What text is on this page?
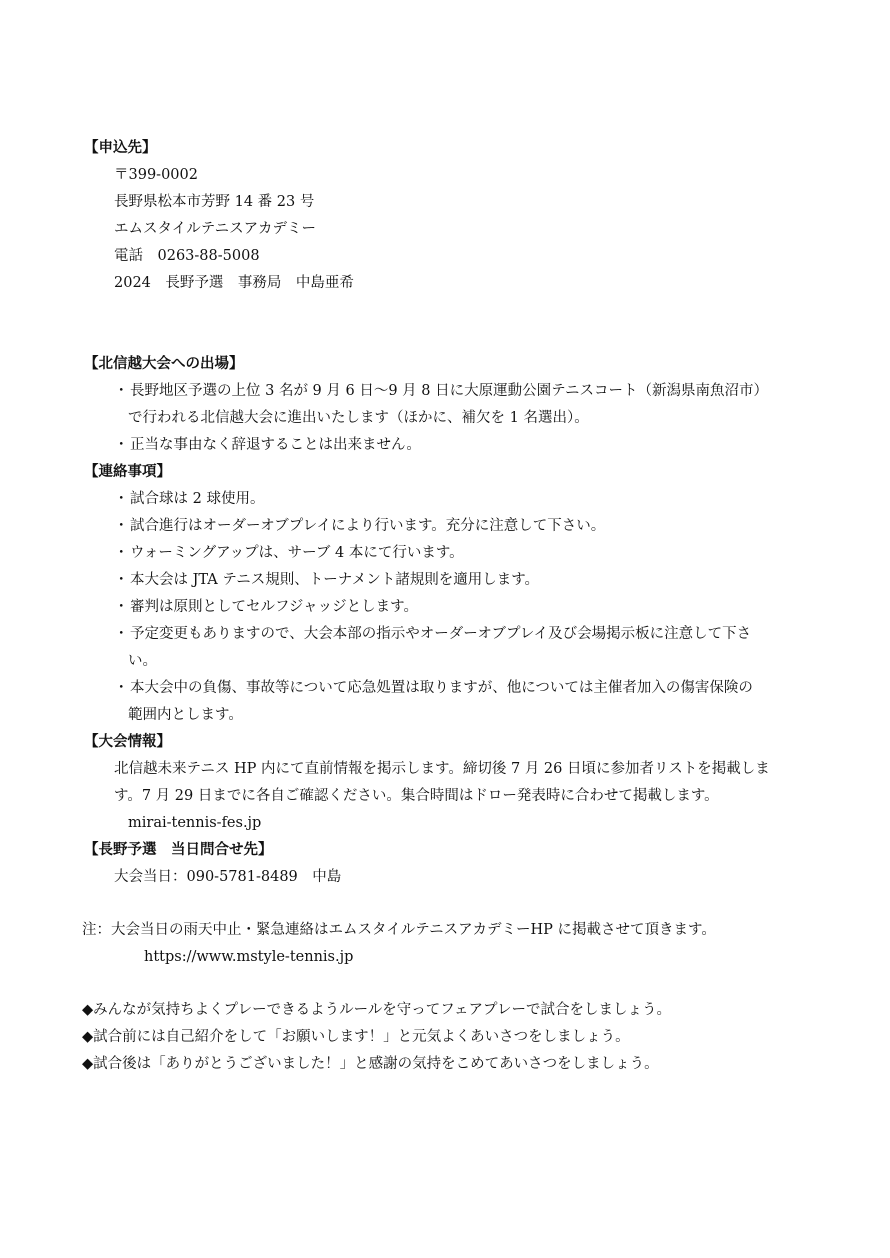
【申込先】
〒399-0002
長野県松本市芳野 14 番 23 号
エムスタイルテニスアカデミー
電話　0263-88-5008
2024　長野予選　事務局　中島亜希
【北信越大会への出場】
・ 長野地区予選の上位 3 名が 9 月 6 日〜9 月 8 日に大原運動公園テニスコート（新潟県南魚沼市）
で行われる北信越大会に進出いたします（ほかに、補欠を 1 名選出）。
・ 正当な事由なく辞退することは出来ません。
【連絡事項】
・ 試合球は 2 球使用。
・ 試合進行はオーダーオブプレイにより行います。充分に注意して下さい。
・ ウォーミングアップは、サーブ 4 本にて行います。
・ 本大会は JTA テニス規則、トーナメント諸規則を適用します。
・ 審判は原則としてセルフジャッジとします。
・ 予定変更もありますので、大会本部の指示やオーダーオブプレイ及び会場掲示板に注意して下さ
い。
・ 本大会中の負傷、事故等について応急処置は取りますが、他については主催者加入の傷害保険の
範囲内とします。
【大会情報】
北信越未来テニス HP 内にて直前情報を掲示します。締切後 7 月 26 日頃に参加者リストを掲載しま
す。7 月 29 日までに各自ご確認ください。集合時間はドロー発表時に合わせて掲載します。
mirai-tennis-fes.jp
【長野予選　当日問合せ先】
大会当日：090-5781-8489　中島
注：大会当日の雨天中止・緊急連絡はエムスタイルテニスアカデミーHP に掲載させて頂きます。
https://www.mstyle-tennis.jp
◆みんなが気持ちよくプレーできるようルールを守ってフェアプレーで試合をしましょう。
◆試合前には自己紹介をして「お願いします！」と元気よくあいさつをしましょう。
◆試合後は「ありがとうございました！」と感謝の気持をこめてあいさつをしましょう。
